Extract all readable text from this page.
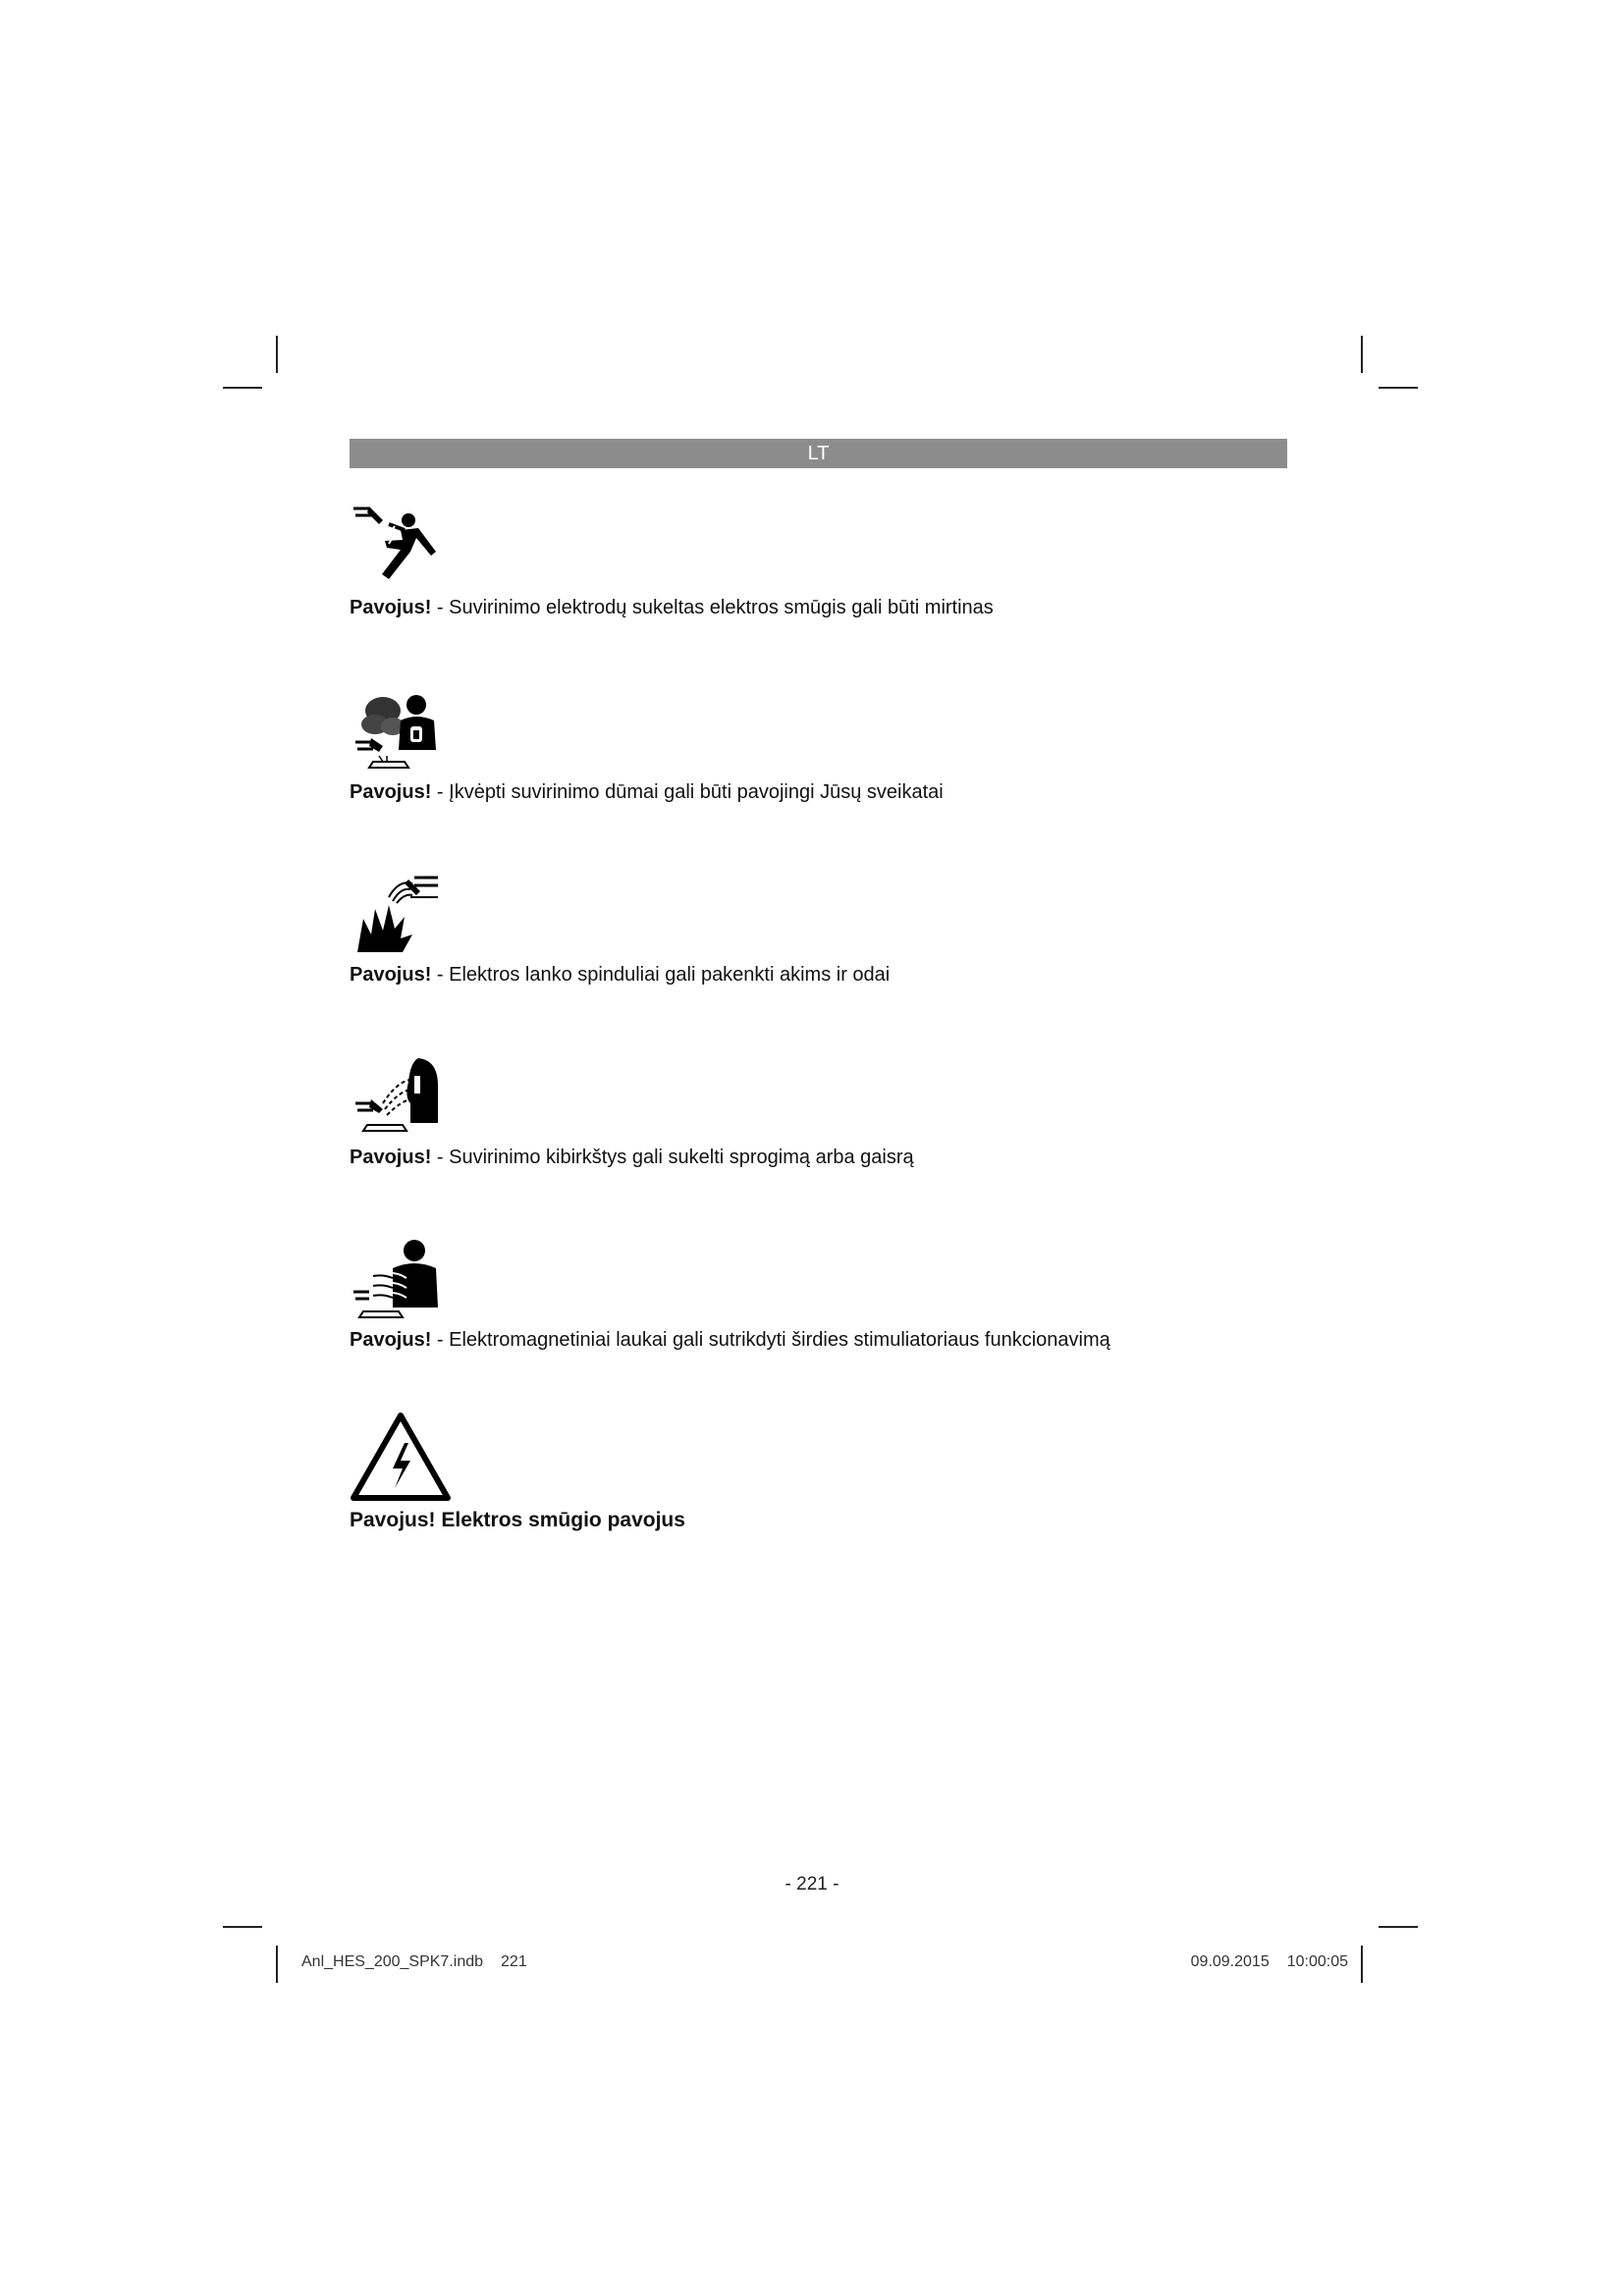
LT
Pavojus! - Suvirinimo elektrodų sukeltas elektros smūgis gali būti mirtinas
Pavojus! - Įkvėpti suvirinimo dūmai gali būti pavojingi Jūsų sveikatai
Pavojus! - Elektros lanko spinduliai gali pakenkti akims ir odai
Pavojus! - Suvirinimo kibirkštys gali sukelti sprogimą arba gaisrą
Pavojus! - Elektromagnetiniai laukai gali sutrikdyti širdies stimuliatoriaus funkcionavimą
Pavojus! Elektros smūgio pavojus
- 221 -
Anl_HES_200_SPK7.indb 221	09.09.2015 10:00:05
